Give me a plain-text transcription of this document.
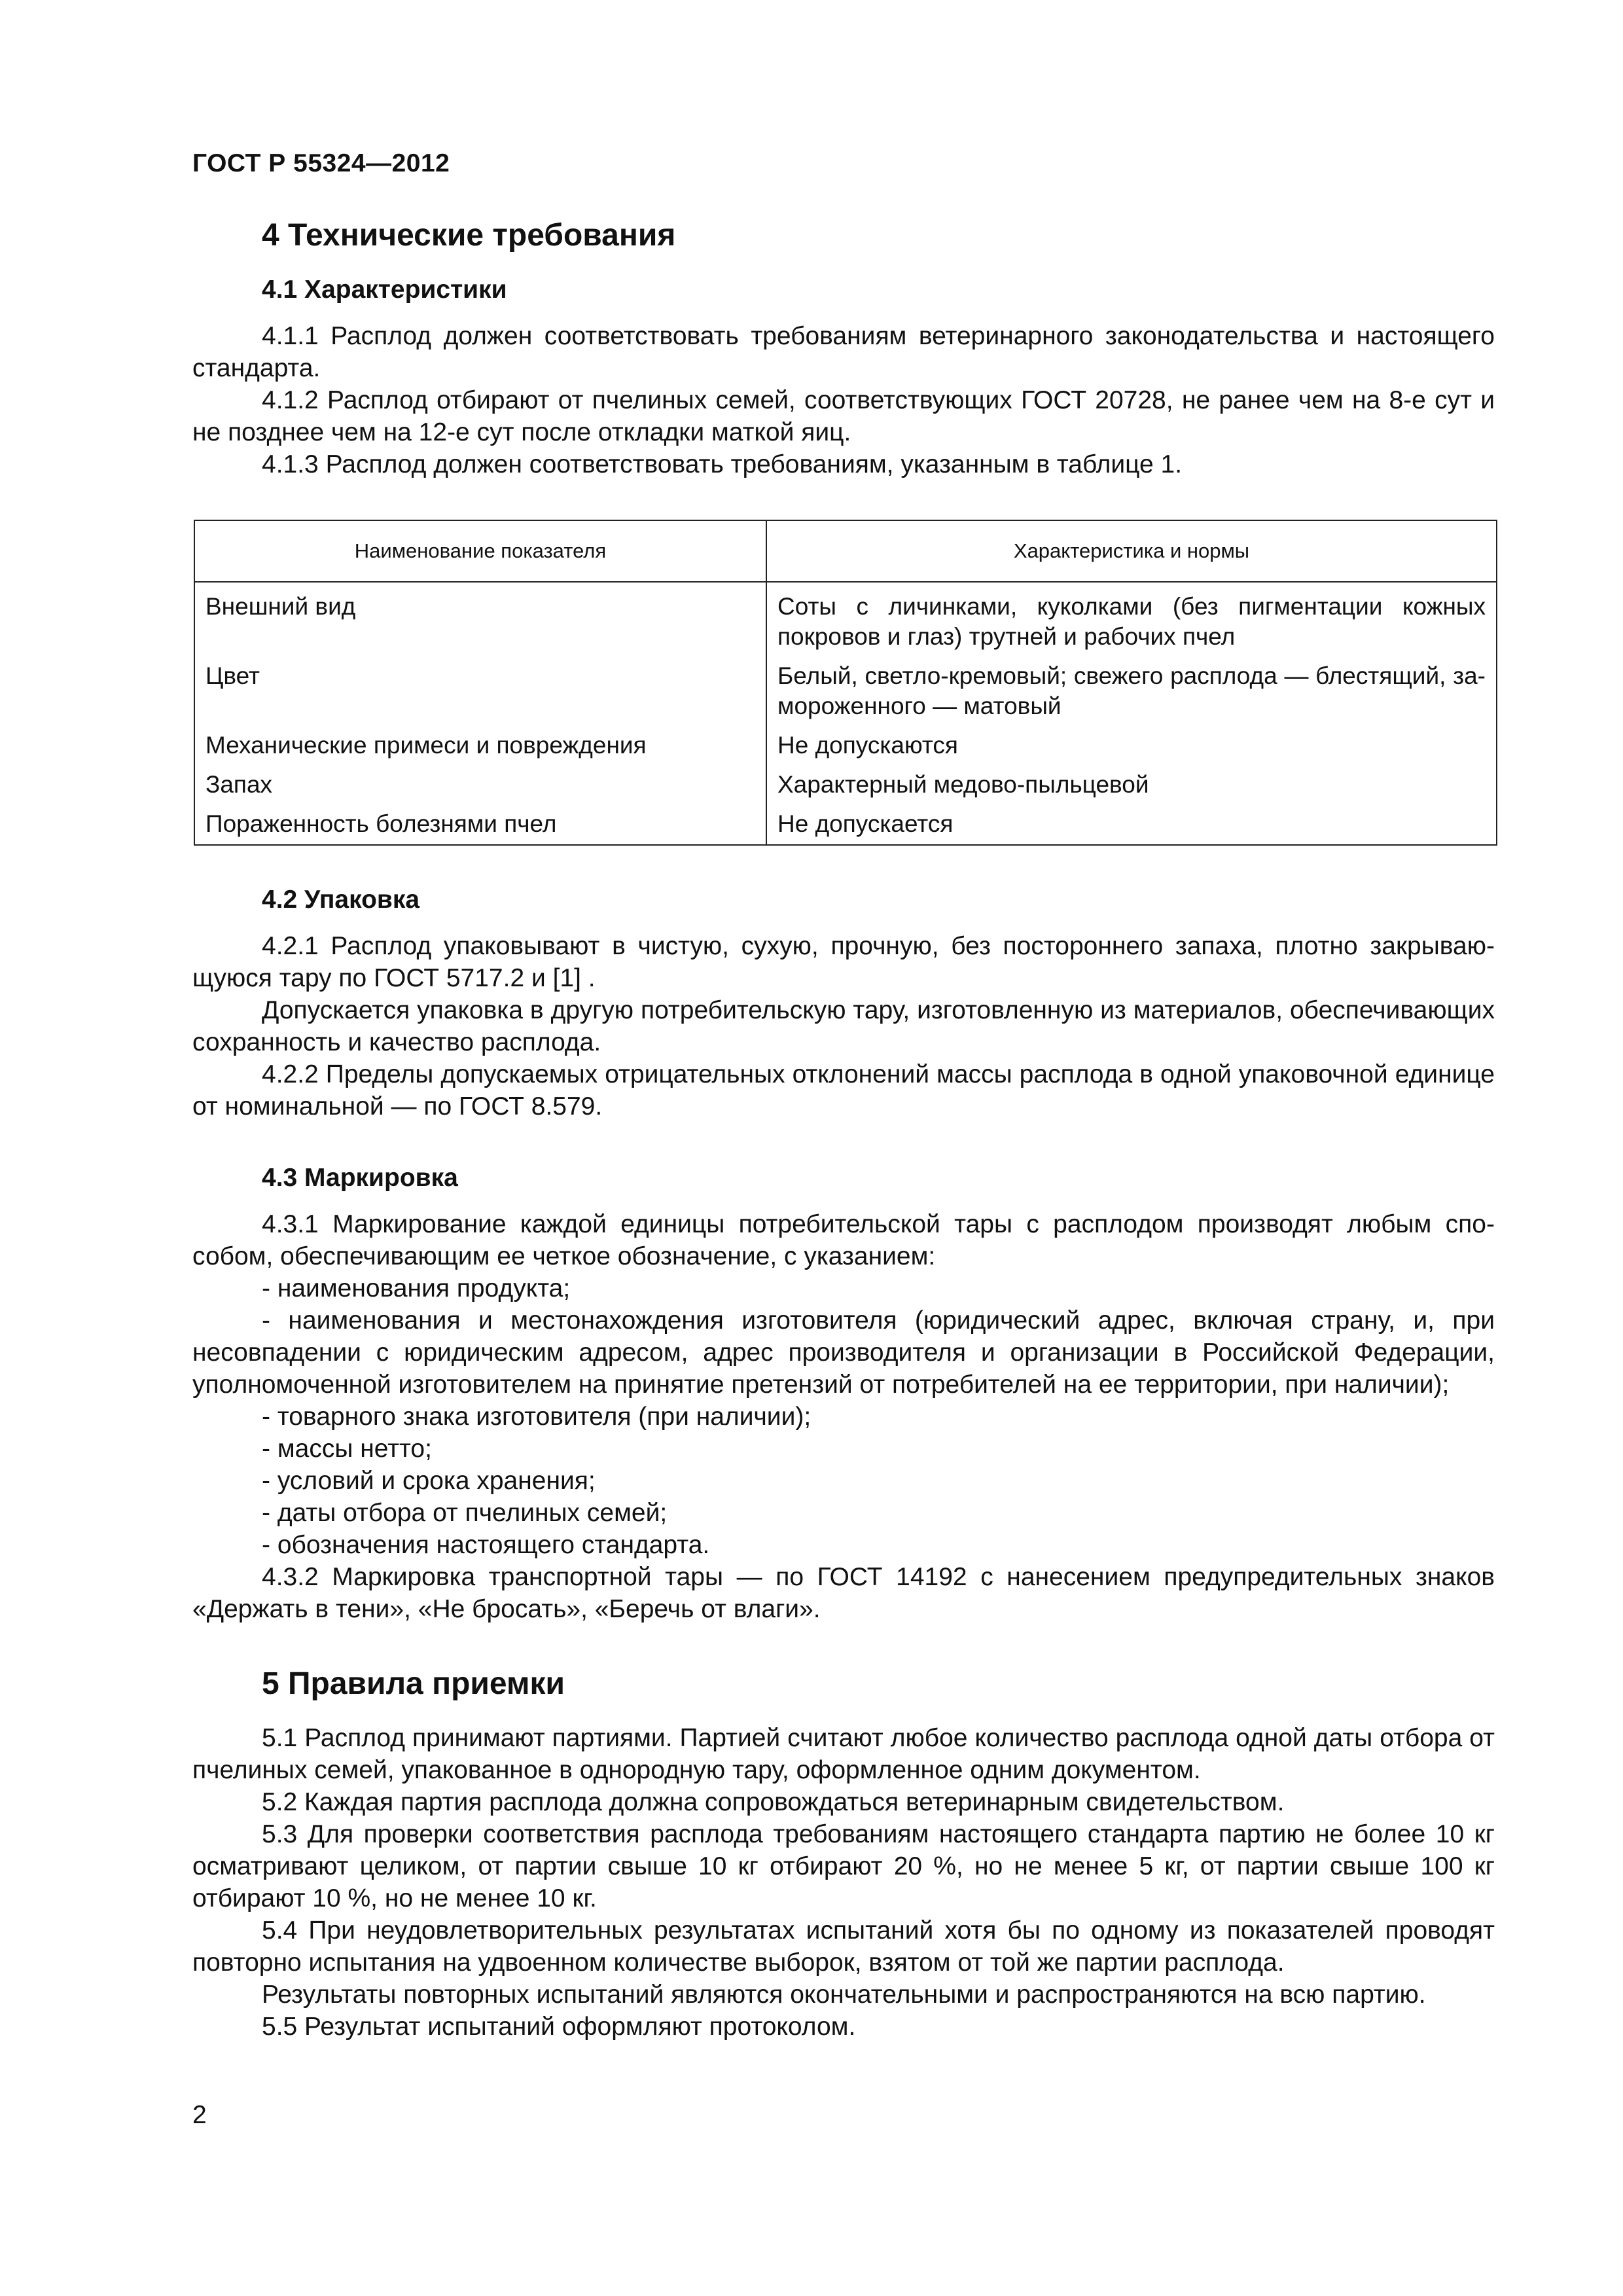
ГОСТ Р 55324—2012
4 Технические требования
4.1 Характеристики

4.1.1 Расплод должен соответствовать требованиям ветеринарного законодательства и настоящего стандарта.

4.1.2 Расплод отбирают от пчелиных семей, соответствующих ГОСТ 20728, не ранее чем на 8-е сут и не позднее чем на 12-е сут после откладки маткой яиц.

4.1.3 Расплод должен соответствовать требованиям, указанным в таблице 1.

Наименование показателя	Характеристика и нормы
Внешний вид	Соты с личинками, куколками (без пигментации кожных покровов и глаз) трутней и рабочих пчел
Цвет	Белый, светло-кремовый; свежего расплода — блестящий, замороженного — матовый
Механические примеси и повреждения	Не допускаются
Запах	Характерный медово-пыльцевой
Пораженность болезнями пчел	Не допускается
4.2 Упаковка

4.2.1 Расплод упаковывают в чистую, сухую, прочную, без постороннего запаха, плотно закрывающуюся тару по ГОСТ 5717.2 и [1] .

Допускается упаковка в другую потребительскую тару, изготовленную из материалов, обеспечивающих сохранность и качество расплода.

4.2.2 Пределы допускаемых отрицательных отклонений массы расплода в одной упаковочной единице от номинальной — по ГОСТ 8.579.

4.3 Маркировка

4.3.1 Маркирование каждой единицы потребительской тары с расплодом производят любым способом, обеспечивающим ее четкое обозначение, с указанием:

- наименования продукта;

- наименования и местонахождения изготовителя (юридический адрес, включая страну, и, при несовпадении с юридическим адресом, адрес производителя и организации в Российской Федерации, уполномоченной изготовителем на принятие претензий от потребителей на ее территории, при наличии);

- товарного знака изготовителя (при наличии);

- массы нетто;

- условий и срока хранения;

- даты отбора от пчелиных семей;

- обозначения настоящего стандарта.

4.3.2 Маркировка транспортной тары — по ГОСТ 14192 с нанесением предупредительных знаков «Держать в тени», «Не бросать», «Беречь от влаги».

5 Правила приемки

5.1 Расплод принимают партиями. Партией считают любое количество расплода одной даты отбора от пчелиных семей, упакованное в однородную тару, оформленное одним документом.

5.2 Каждая партия расплода должна сопровождаться ветеринарным свидетельством.

5.3 Для проверки соответствия расплода требованиям настоящего стандарта партию не более 10 кг осматривают целиком, от партии свыше 10 кг отбирают 20 %, но не менее 5 кг, от партии свыше 100 кг отбирают 10 %, но не менее 10 кг.

5.4 При неудовлетворительных результатах испытаний хотя бы по одному из показателей проводят повторно испытания на удвоенном количестве выборок, взятом от той же партии расплода.

Результаты повторных испытаний являются окончательными и распространяются на всю партию.

5.5 Результат испытаний оформляют протоколом.

2
